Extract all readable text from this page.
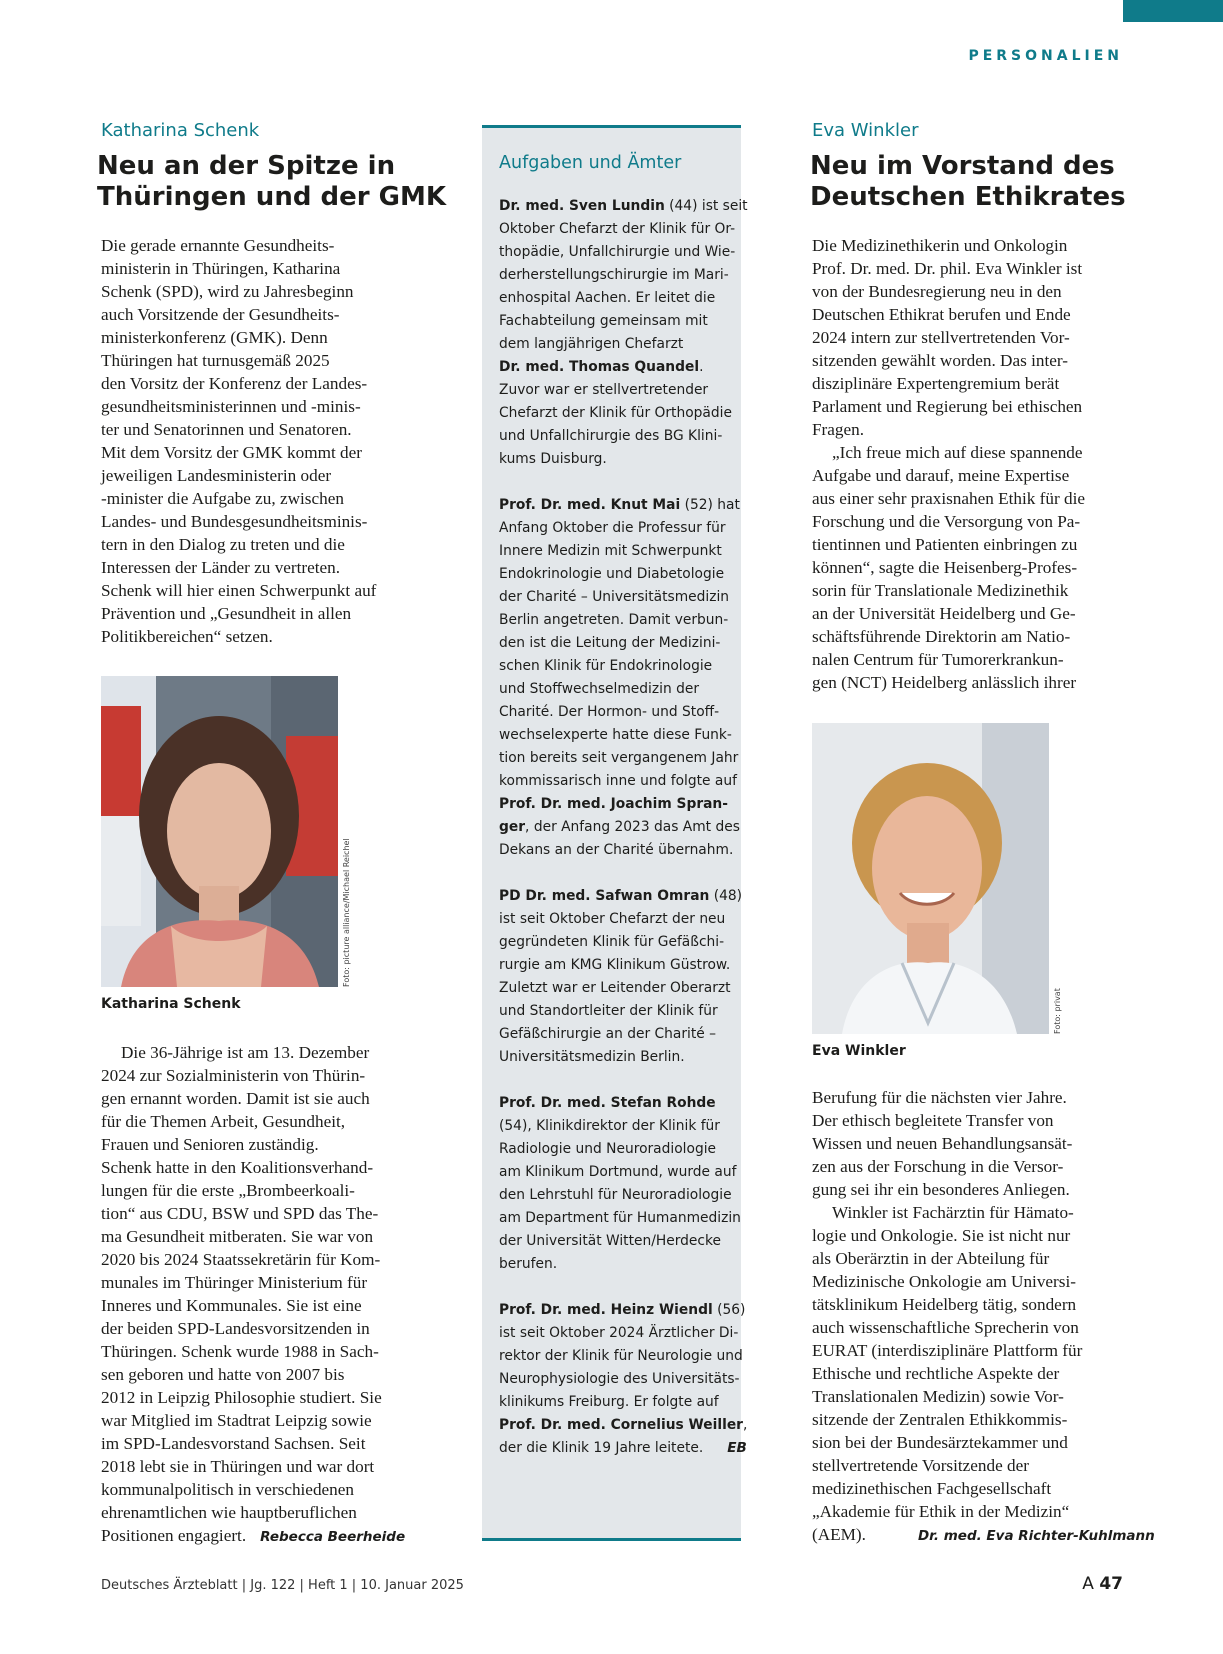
PERSONALIEN
Katharina Schenk
Neu an der Spitze in
Thüringen und der GMK
Die gerade ernannte Gesundheits-
ministerin in Thüringen, Katharina
Schenk (SPD), wird zu Jahresbeginn
auch Vorsitzende der Gesundheits-
ministerkonferenz (GMK). Denn
Thüringen hat turnusgemäß 2025
den Vorsitz der Konferenz der Landes-
gesundheitsministerinnen und -minis-
ter und Senatorinnen und Senatoren.
Mit dem Vorsitz der GMK kommt der
jeweiligen Landesministerin oder
-minister die Aufgabe zu, zwischen
Landes- und Bundesgesundheitsminis-
tern in den Dialog zu treten und die
Interessen der Länder zu vertreten.
Schenk will hier einen Schwerpunkt auf
Prävention und „Gesundheit in allen
Politikbereichen“ setzen.
Foto: picture alliance/Michael Reichel
Katharina Schenk
Die 36-Jährige ist am 13. Dezember
2024 zur Sozialministerin von Thürin-
gen ernannt worden. Damit ist sie auch
für die Themen Arbeit, Gesundheit,
Frauen und Senioren zuständig.
Schenk hatte in den Koalitionsverhand-
lungen für die erste „Brombeerkoali-
tion“ aus CDU, BSW und SPD das The-
ma Gesundheit mitberaten. Sie war von
2020 bis 2024 Staatssekretärin für Kom-
munales im Thüringer Ministerium für
Inneres und Kommunales. Sie ist eine
der beiden SPD-Landesvorsitzenden in
Thüringen. Schenk wurde 1988 in Sach-
sen geboren und hatte von 2007 bis
2012 in Leipzig Philosophie studiert. Sie
war Mitglied im Stadtrat Leipzig sowie
im SPD-Landesvorstand Sachsen. Seit
2018 lebt sie in Thüringen und war dort
kommunalpolitisch in verschiedenen
ehrenamtlichen wie hauptberuflichen
Positionen engagiert. Rebecca Beerheide
Aufgaben und Ämter
Dr. med. Sven Lundin (44) ist seit
Oktober Chefarzt der Klinik für Or-
thopädie, Unfallchirurgie und Wie-
derherstellungschirurgie im Mari-
enhospital Aachen. Er leitet die
Fachabteilung gemeinsam mit
dem langjährigen Chefarzt
Dr. med. Thomas Quandel.
Zuvor war er stellvertretender
Chefarzt der Klinik für Orthopädie
und Unfallchirurgie des BG Klini-
kums Duisburg.
Prof. Dr. med. Knut Mai (52) hat
Anfang Oktober die Professur für
Innere Medizin mit Schwerpunkt
Endokrinologie und Diabetologie
der Charité – Universitätsmedizin
Berlin angetreten. Damit verbun-
den ist die Leitung der Medizini-
schen Klinik für Endokrinologie
und Stoffwechselmedizin der
Charité. Der Hormon- und Stoff-
wechselexperte hatte diese Funk-
tion bereits seit vergangenem Jahr
kommissarisch inne und folgte auf
Prof. Dr. med. Joachim Spran-
ger, der Anfang 2023 das Amt des
Dekans an der Charité übernahm.
PD Dr. med. Safwan Omran (48)
ist seit Oktober Chefarzt der neu
gegründeten Klinik für Gefäßchi-
rurgie am KMG Klinikum Güstrow.
Zuletzt war er Leitender Oberarzt
und Standortleiter der Klinik für
Gefäßchirurgie an der Charité –
Universitätsmedizin Berlin.
Prof. Dr. med. Stefan Rohde
(54), Klinikdirektor der Klinik für
Radiologie und Neuroradiologie
am Klinikum Dortmund, wurde auf
den Lehrstuhl für Neuroradiologie
am Department für Humanmedizin
der Universität Witten/Herdecke
berufen.
Prof. Dr. med. Heinz Wiendl (56)
ist seit Oktober 2024 Ärztlicher Di-
rektor der Klinik für Neurologie und
Neurophysiologie des Universitäts-
klinikums Freiburg. Er folgte auf
Prof. Dr. med. Cornelius Weiller,
der die Klinik 19 Jahre leitete. EB
Eva Winkler
Neu im Vorstand des
Deutschen Ethikrates
Die Medizinethikerin und Onkologin
Prof. Dr. med. Dr. phil. Eva Winkler ist
von der Bundesregierung neu in den
Deutschen Ethikrat berufen und Ende
2024 intern zur stellvertretenden Vor-
sitzenden gewählt worden. Das inter-
disziplinäre Expertengremium berät
Parlament und Regierung bei ethischen
Fragen.
„Ich freue mich auf diese spannende
Aufgabe und darauf, meine Expertise
aus einer sehr praxisnahen Ethik für die
Forschung und die Versorgung von Pa-
tientinnen und Patienten einbringen zu
können“, sagte die Heisenberg-Profes-
sorin für Translationale Medizinethik
an der Universität Heidelberg und Ge-
schäftsführende Direktorin am Natio-
nalen Centrum für Tumorerkrankun-
gen (NCT) Heidelberg anlässlich ihrer
Foto: privat
Eva Winkler
Berufung für die nächsten vier Jahre.
Der ethisch begleitete Transfer von
Wissen und neuen Behandlungsansät-
zen aus der Forschung in die Versor-
gung sei ihr ein besonderes Anliegen.
Winkler ist Fachärztin für Hämato-
logie und Onkologie. Sie ist nicht nur
als Oberärztin in der Abteilung für
Medizinische Onkologie am Universi-
tätsklinikum Heidelberg tätig, sondern
auch wissenschaftliche Sprecherin von
EURAT (interdisziplinäre Plattform für
Ethische und rechtliche Aspekte der
Translationalen Medizin) sowie Vor-
sitzende der Zentralen Ethikkommis-
sion bei der Bundesärztekammer und
stellvertretende Vorsitzende der
medizinethischen Fachgesellschaft
„Akademie für Ethik in der Medizin“
(AEM).	Dr. med. Eva Richter-Kuhlmann
Deutsches Ärzteblatt | Jg. 122 | Heft 1 | 10. Januar 2025	A 47
